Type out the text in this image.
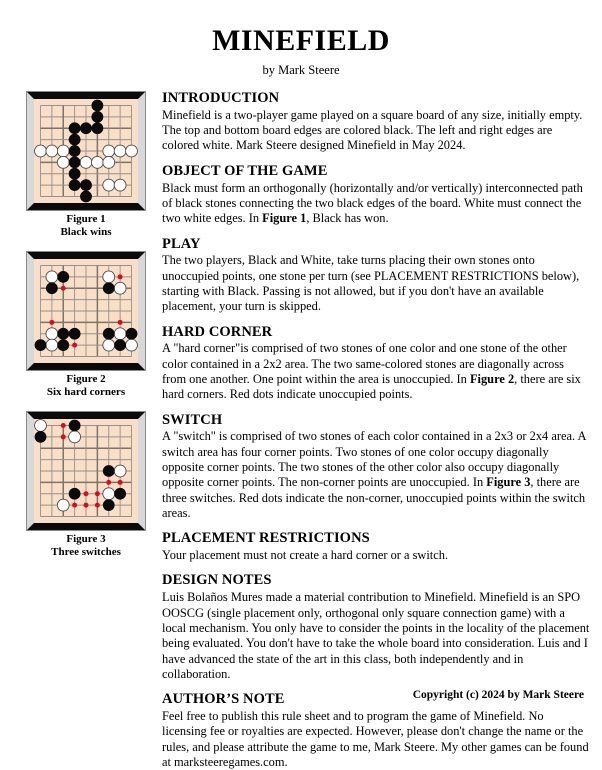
MINEFIELD
by Mark Steere
Figure 1
Black wins
Figure 2
Six hard corners
Figure 3
Three switches
INTRODUCTION

Minefield is a two-player game played on a square board of any size, initially empty. The top and bottom board edges are colored black. The left and right edges are colored white. Mark Steere designed Minefield in May 2024.

OBJECT OF THE GAME

Black must form an orthogonally (horizontally and/or vertically) interconnected path of black stones connecting the two black edges of the board. White must connect the two white edges. In Figure 1, Black has won.

PLAY

The two players, Black and White, take turns placing their own stones onto unoccupied points, one stone per turn (see PLACEMENT RESTRICTIONS below), starting with Black. Passing is not allowed, but if you don't have an available placement, your turn is skipped.

HARD CORNER

A "hard corner"is comprised of two stones of one color and one stone of the other color contained in a 2x2 area. The two same-colored stones are diagonally across from one another. One point within the area is unoccupied. In Figure 2, there are six hard corners. Red dots indicate unoccupied points.

SWITCH

A "switch" is comprised of two stones of each color contained in a 2x3 or 2x4 area. A switch area has four corner points. Two stones of one color occupy diagonally opposite corner points. The two stones of the other color also occupy diagonally opposite corner points. The non-corner points are unoccupied. In Figure 3, there are three switches. Red dots indicate the non-corner, unoccupied points within the switch areas.

PLACEMENT RESTRICTIONS

Your placement must not create a hard corner or a switch.

DESIGN NOTES

Luis Bolaños Mures made a material contribution to Minefield. Minefield is an SPO OOSCG (single placement only, orthogonal only square connection game) with a local mechanism. You only have to consider the points in the locality of the placement being evaluated. You don't have to take the whole board into consideration. Luis and I have advanced the state of the art in this class, both independently and in collaboration.

AUTHOR’S NOTE

Feel free to publish this rule sheet and to program the game of Minefield. No licensing fee or royalties are expected. However, please don't change the name or the rules, and please attribute the game to me, Mark Steere. My other games can be found at marksteeregames.com.

Copyright (c) 2024 by Mark Steere
